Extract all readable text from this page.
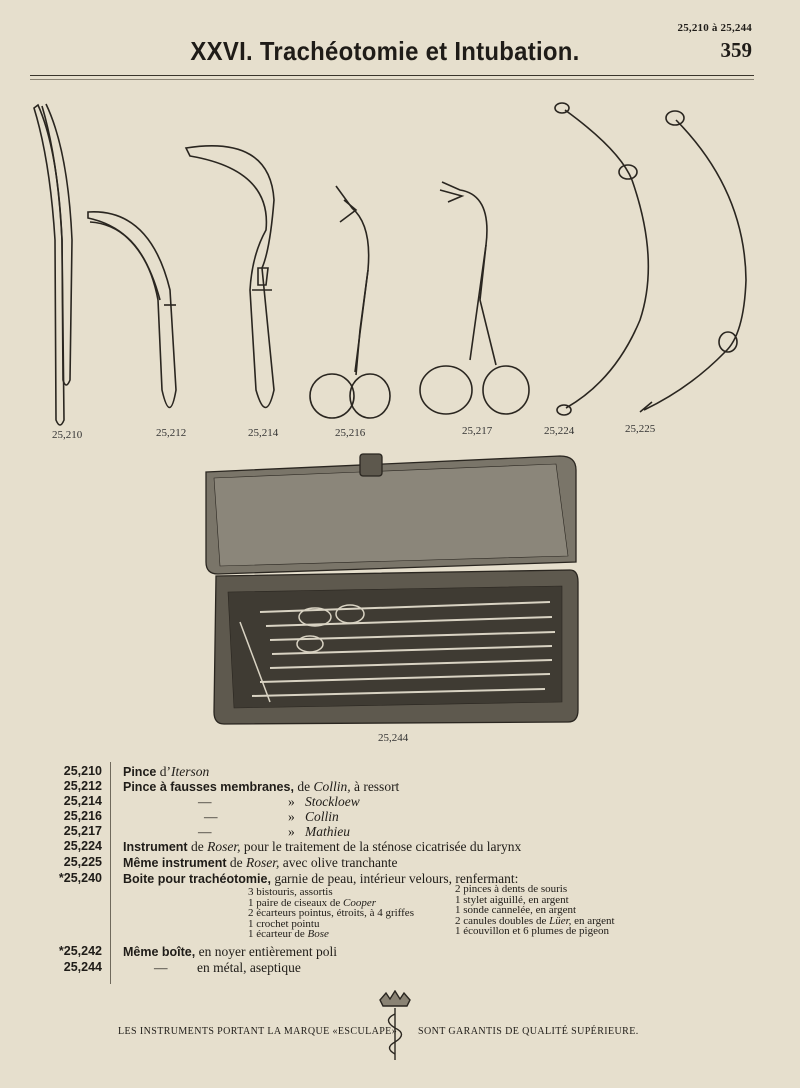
25,210 à 25,244
359
XXVI. Trachéotomie et Intubation.
25,210	25,212	25,214	25,216	25,217	25,224	25,225
25,244
25,210 Pince d’Iterson
25,212 Pince à fausses membranes, de Collin, à ressort
25,214	—	» Stockloew
25,216	—	» Collin
25,217	—	» Mathieu
25,224 Instrument de Roser, pour le traitement de la sténose cicatrisée du larynx
25,225 Même instrument de Roser, avec olive tranchante
*25,240 Boite pour trachéotomie, garnie de peau, intérieur velours, renfermant:
3 bistouris, assortis
1 paire de ciseaux de Cooper
2 écarteurs pointus, étroits, à 4 griffes
1 crochet pointu
1 écarteur de Bose
2 pinces à dents de souris
1 stylet aiguillé, en argent
1 sonde cannelée, en argent
2 canules doubles de Lüer, en argent
1 écouvillon et 6 plumes de pigeon
*25,242 Même boîte, en noyer entièrement poli
25,244	— en métal, aseptique
LES INSTRUMENTS PORTANT LA MARQUE «ESCULAPE» SONT GARANTIS DE QUALITÉ SUPÉRIEURE.
